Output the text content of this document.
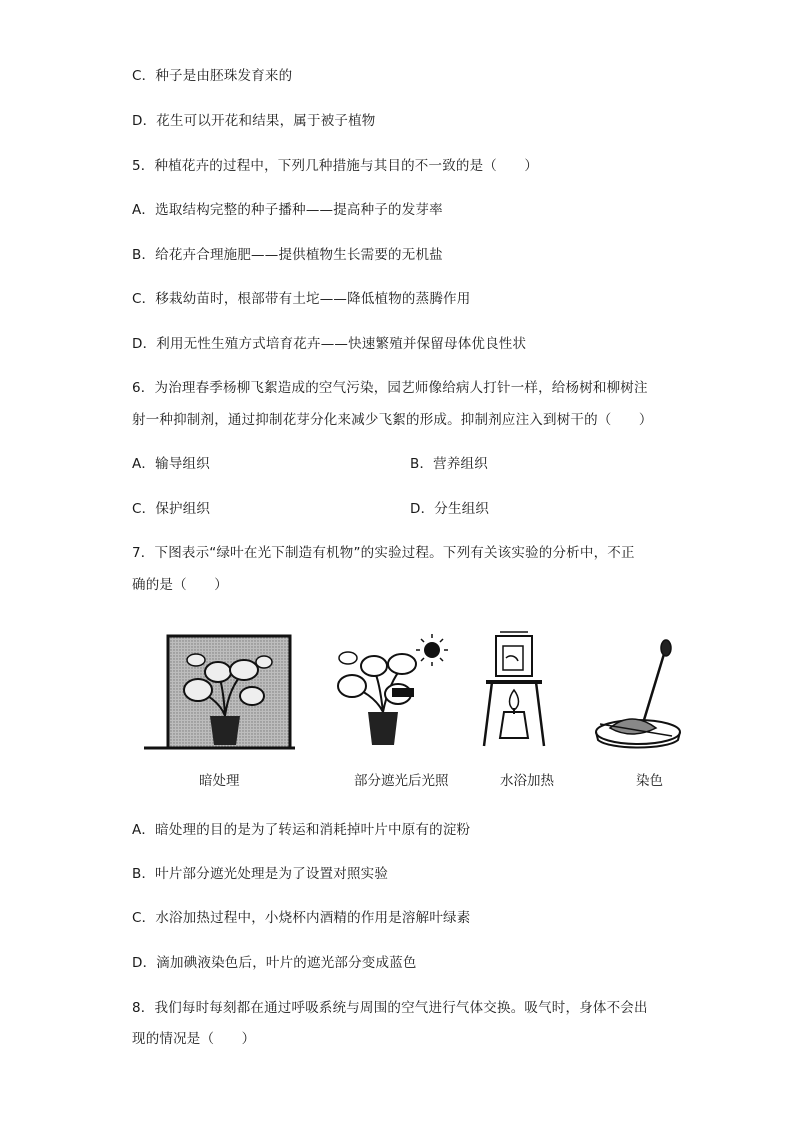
C．种子是由胚珠发育来的
D．花生可以开花和结果，属于被子植物
5．种植花卉的过程中，下列几种措施与其目的不一致的是（　　）
A．选取结构完整的种子播种——提高种子的发芽率
B．给花卉合理施肥——提供植物生长需要的无机盐
C．移栽幼苗时，根部带有土坨——降低植物的蒸腾作用
D．利用无性生殖方式培育花卉——快速繁殖并保留母体优良性状
6．为治理春季杨柳飞絮造成的空气污染，园艺师像给病人打针一样，给杨树和柳树注
射一种抑制剂，通过抑制花芽分化来减少飞絮的形成。抑制剂应注入到树干的（　　）
A．输导组织	B．营养组织
C．保护组织	D．分生组织
7．下图表示“绿叶在光下制造有机物”的实验过程。下列有关该实验的分析中，不正
确的是（　　）
暗处理	部分遮光后光照	水浴加热	染色
A．暗处理的目的是为了转运和消耗掉叶片中原有的淀粉
B．叶片部分遮光处理是为了设置对照实验
C．水浴加热过程中，小烧杯内酒精的作用是溶解叶绿素
D．滴加碘液染色后，叶片的遮光部分变成蓝色
8．我们每时每刻都在通过呼吸系统与周围的空气进行气体交换。吸气时，身体不会出
现的情况是（　　）
